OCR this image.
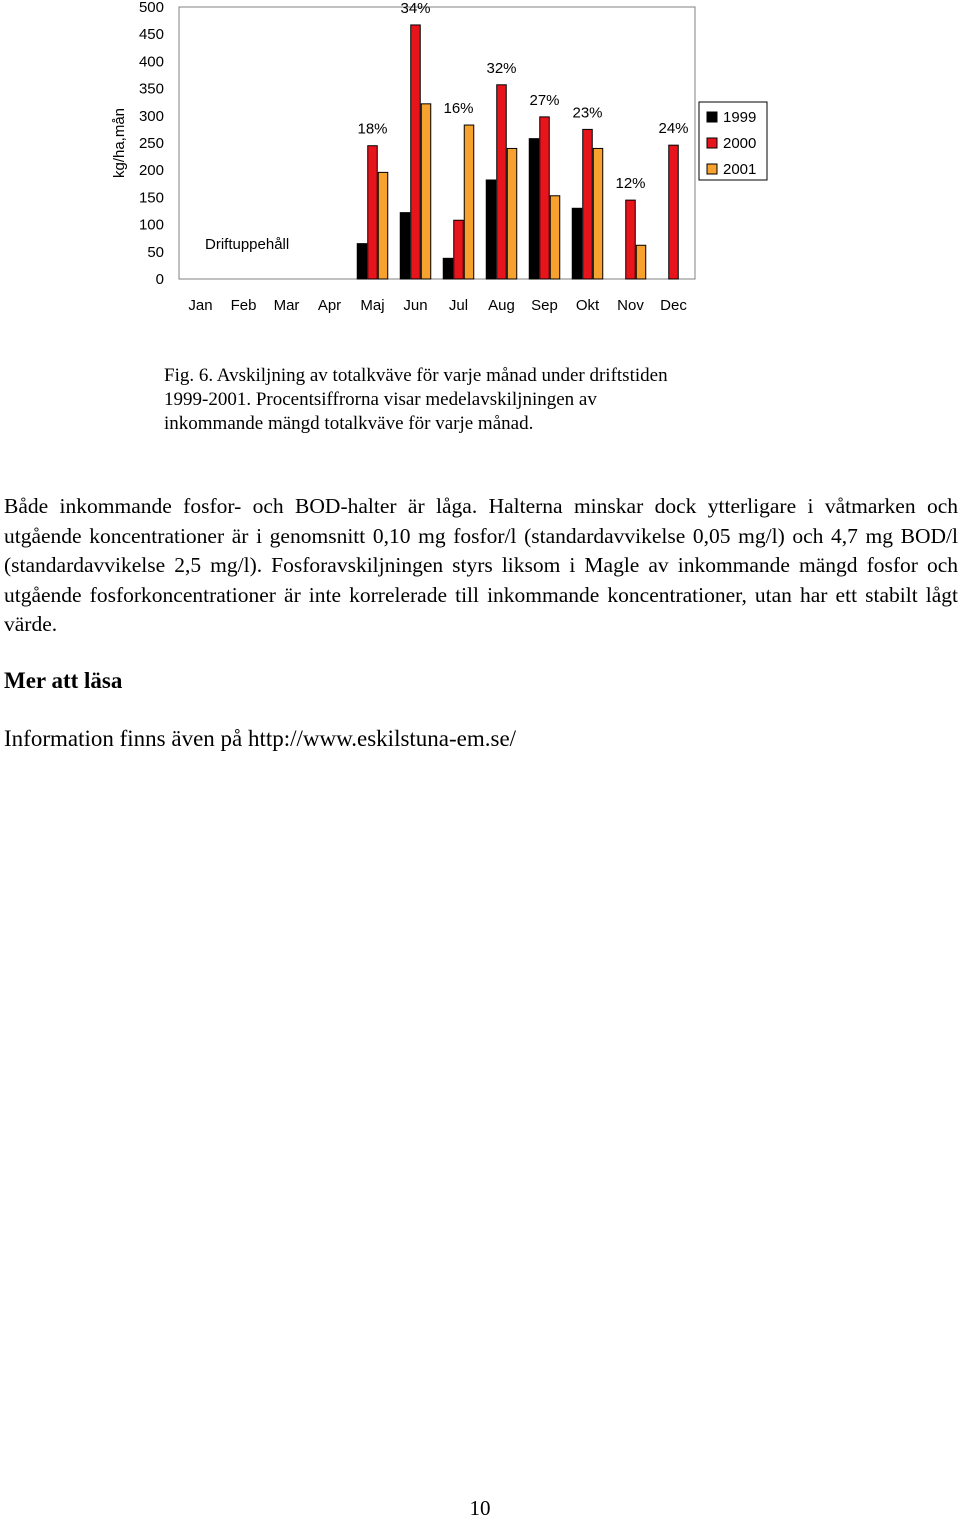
kg/ha,mån
0
50
100
150
200
250
300
350
400
450
500
18%
34%
16%
32%
27%
23%
12%
24%
Driftuppehåll
Jan Feb Mar Apr Maj Jun Jul Aug Sep Okt Nov Dec
1999
2000
2001

Fig. 6. Avskiljning av totalkväve för varje månad under driftstiden

1999-2001. Procentsiffrorna visar medelavskiljningen av

inkommande mängd totalkväve för varje månad.

Både inkommande fosfor- och BOD-halter är låga. Halterna minskar dock ytterligare i våtmarken och utgående koncentrationer är i genomsnitt 0,10 mg fosfor/l (standardavvikelse 0,05 mg/l) och 4,7 mg BOD/l (standardavvikelse 2,5 mg/l). Fosforavskiljningen styrs liksom i Magle av inkommande mängd fosfor och utgående fosforkoncentrationer är inte korrelerade till inkommande koncentrationer, utan har ett stabilt lågt värde.

Mer att läsa

Information finns även på http://www.eskilstuna-em.se/

10
